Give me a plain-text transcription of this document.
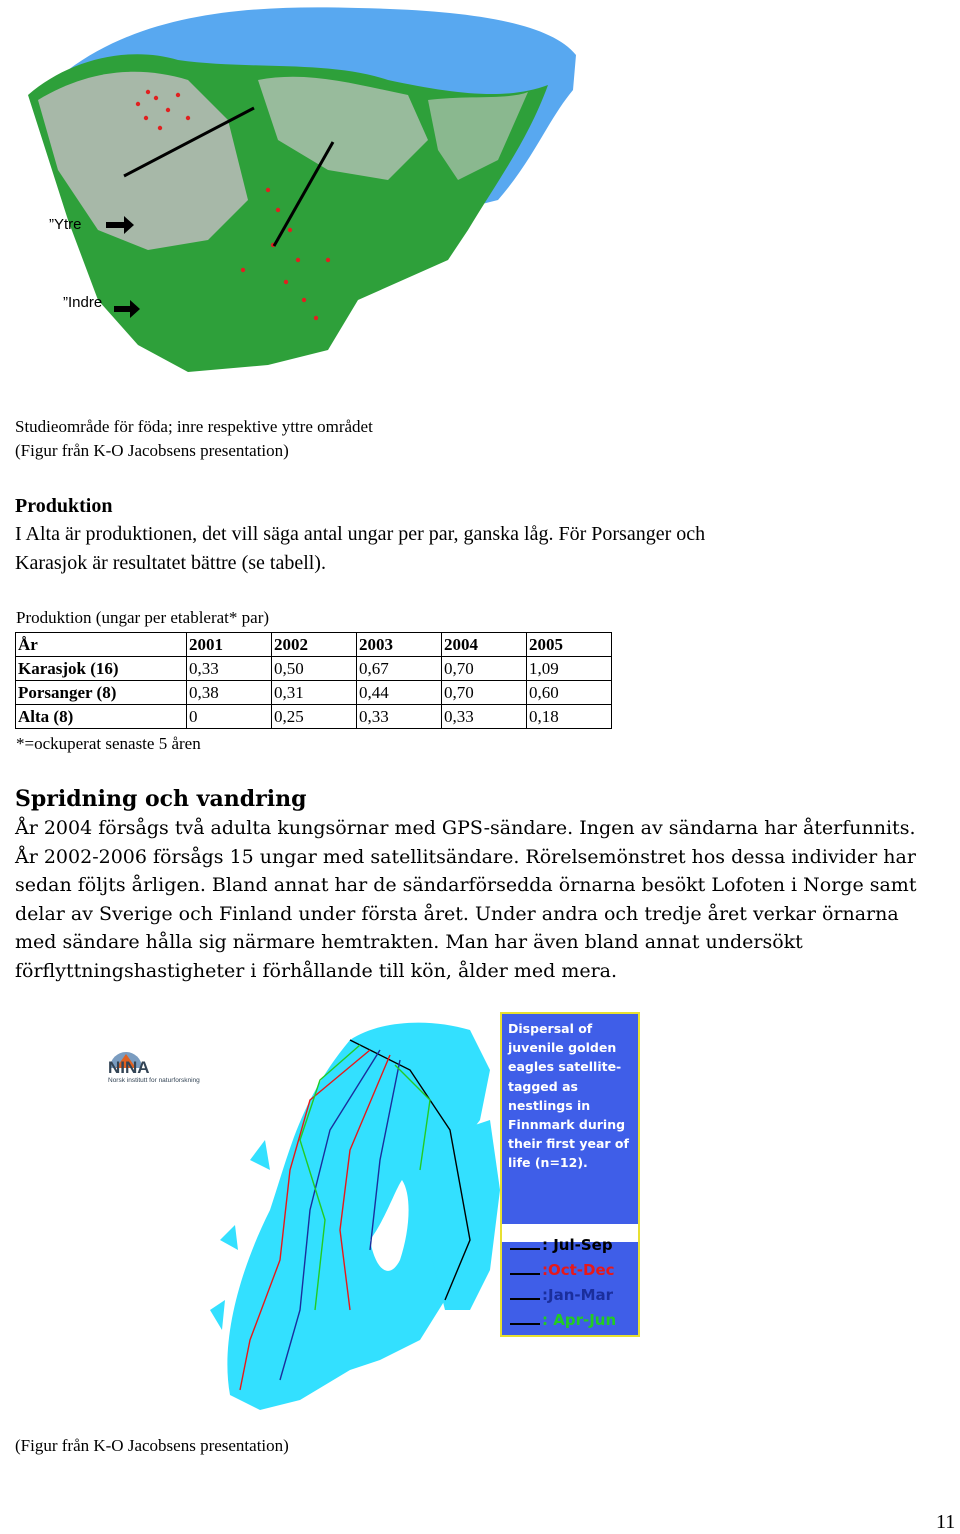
”Ytre
”Indre
Studieområde för föda; inre respektive yttre området
(Figur från K-O Jacobsens presentation)
Produktion
I Alta är produktionen, det vill säga antal ungar per par, ganska låg. För Porsanger och
Karasjok är resultatet bättre (se tabell).
Produktion (ungar per etablerat* par)
År	2001	2002	2003	2004	2005
Karasjok (16)	0,33	0,50	0,67	0,70	1,09
Porsanger (8)	0,38	0,31	0,44	0,70	0,60
Alta (8)	0	0,25	0,33	0,33	0,18
*=ockuperat senaste 5 åren
Spridning och vandring
År 2004 försågs två adulta kungsörnar med GPS-sändare. Ingen av sändarna har återfunnits.
År 2002-2006 försågs 15 ungar med satellitsändare. Rörelsemönstret hos dessa individer har
sedan följts årligen. Bland annat har de sändarförsedda örnarna besökt Lofoten i Norge samt
delar av Sverige och Finland under första året. Under andra och tredje året verkar örnarna
med sändare hålla sig närmare hemtrakten. Man har även bland annat undersökt
förflyttningshastigheter i förhållande till kön, ålder med mera.
NINA
Norsk institutt for naturforskning
Dispersal of juvenile golden eagles satellite-tagged as nestlings in Finnmark during their first year of life (n=12).
: Jul-Sep
:Oct-Dec
:Jan-Mar
: Apr-Jun
(Figur från K-O Jacobsens presentation)
11
